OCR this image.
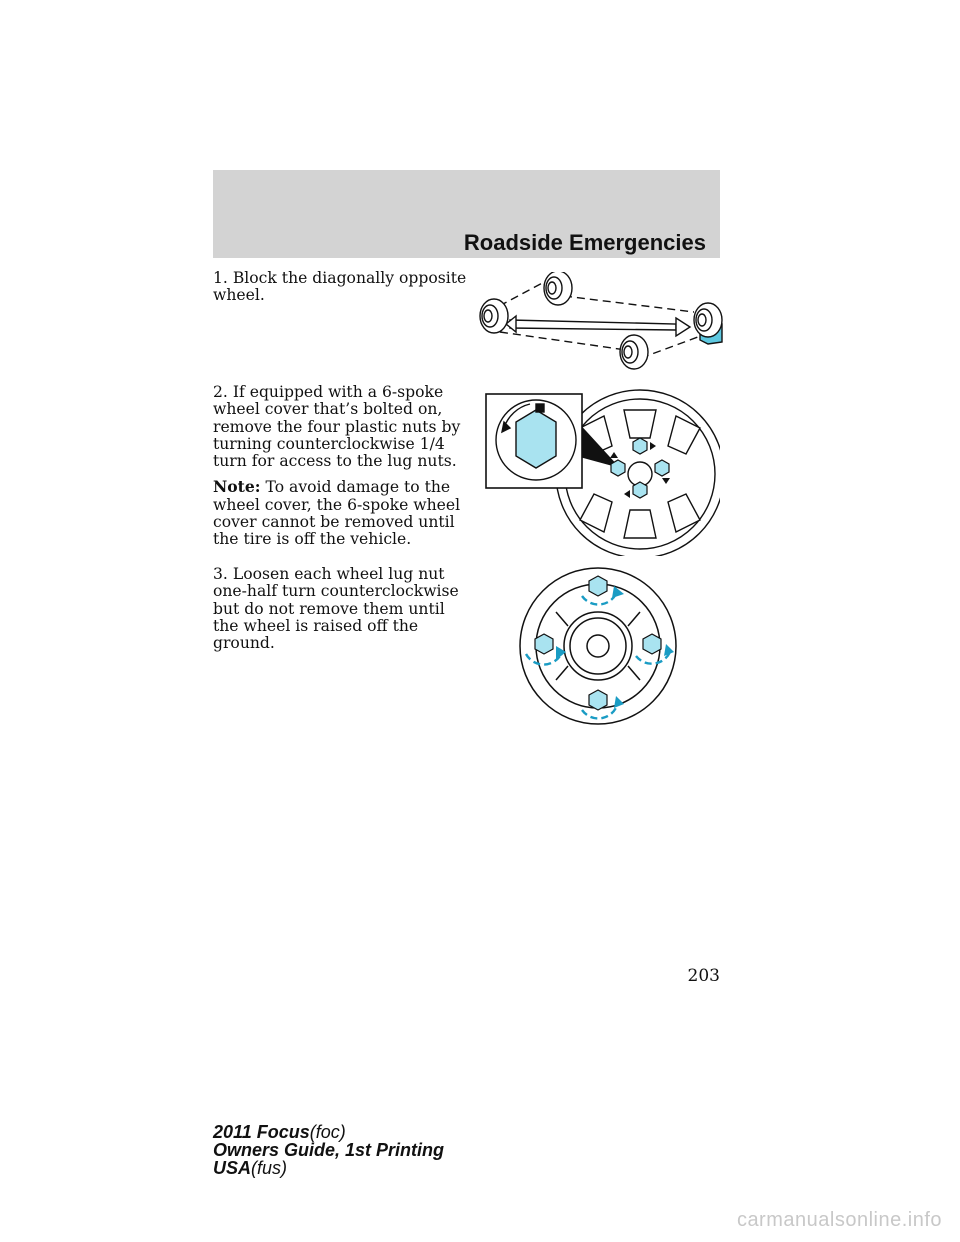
Roadside Emergencies

1. Block the diagonally opposite wheel.

2. If equipped with a 6-spoke wheel cover that’s bolted on, remove the four plastic nuts by turning counterclockwise 1/4 turn for access to the lug nuts.

Note: To avoid damage to the wheel cover, the 6-spoke wheel cover cannot be removed until the tire is off the vehicle.

3. Loosen each wheel lug nut one-half turn counterclockwise but do not remove them until the wheel is raised off the ground.

203
2011 Focus(foc)
Owners Guide, 1st Printing
USA(fus)
carmanualsonline.info
